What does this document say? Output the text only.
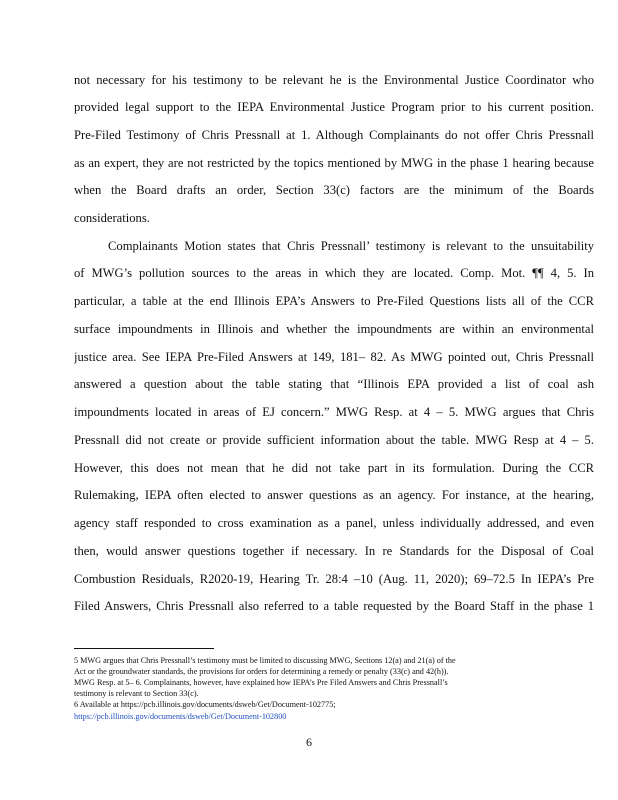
not necessary for his testimony to be relevant he is the Environmental Justice Coordinator who
provided legal support to the IEPA Environmental Justice Program prior to his current position.
Pre-Filed Testimony of Chris Pressnall at 1. Although Complainants do not offer Chris Pressnall
as an expert, they are not restricted by the topics mentioned by MWG in the phase 1 hearing because
when the Board drafts an order, Section 33(c) factors are the minimum of the Boards
considerations.
Complainants Motion states that Chris Pressnall’ testimony is relevant to the unsuitability
of MWG’s pollution sources to the areas in which they are located. Comp. Mot. ¶¶ 4, 5. In
particular, a table at the end Illinois EPA’s Answers to Pre-Filed Questions lists all of the CCR
surface impoundments in Illinois and whether the impoundments are within an environmental
justice area. See IEPA Pre-Filed Answers at 149, 181– 82. As MWG pointed out, Chris Pressnall
answered a question about the table stating that “Illinois EPA provided a list of coal ash
impoundments located in areas of EJ concern.” MWG Resp. at 4 – 5. MWG argues that Chris
Pressnall did not create or provide sufficient information about the table. MWG Resp at 4 – 5.
However, this does not mean that he did not take part in its formulation. During the CCR
Rulemaking, IEPA often elected to answer questions as an agency. For instance, at the hearing,
agency staff responded to cross examination as a panel, unless individually addressed, and even
then, would answer questions together if necessary. In re Standards for the Disposal of Coal
Combustion Residuals, R2020-19, Hearing Tr. 28:4 –10 (Aug. 11, 2020); 69–72.5 In IEPA’s Pre
Filed Answers, Chris Pressnall also referred to a table requested by the Board Staff in the phase 1
5 MWG argues that Chris Pressnall’s testimony must be limited to discussing MWG, Sections 12(a) and 21(a) of the
Act or the groundwater standards, the provisions for orders for determining a remedy or penalty (33(c) and 42(h)).
MWG Resp. at 5– 6. Complainants, however, have explained how IEPA’s Pre Filed Answers and Chris Pressnall’s
testimony is relevant to Section 33(c).
6 Available at https://pcb.illinois.gov/documents/dsweb/Get/Document-102775;
https://pcb.illinois.gov/documents/dsweb/Get/Document-102800
6
